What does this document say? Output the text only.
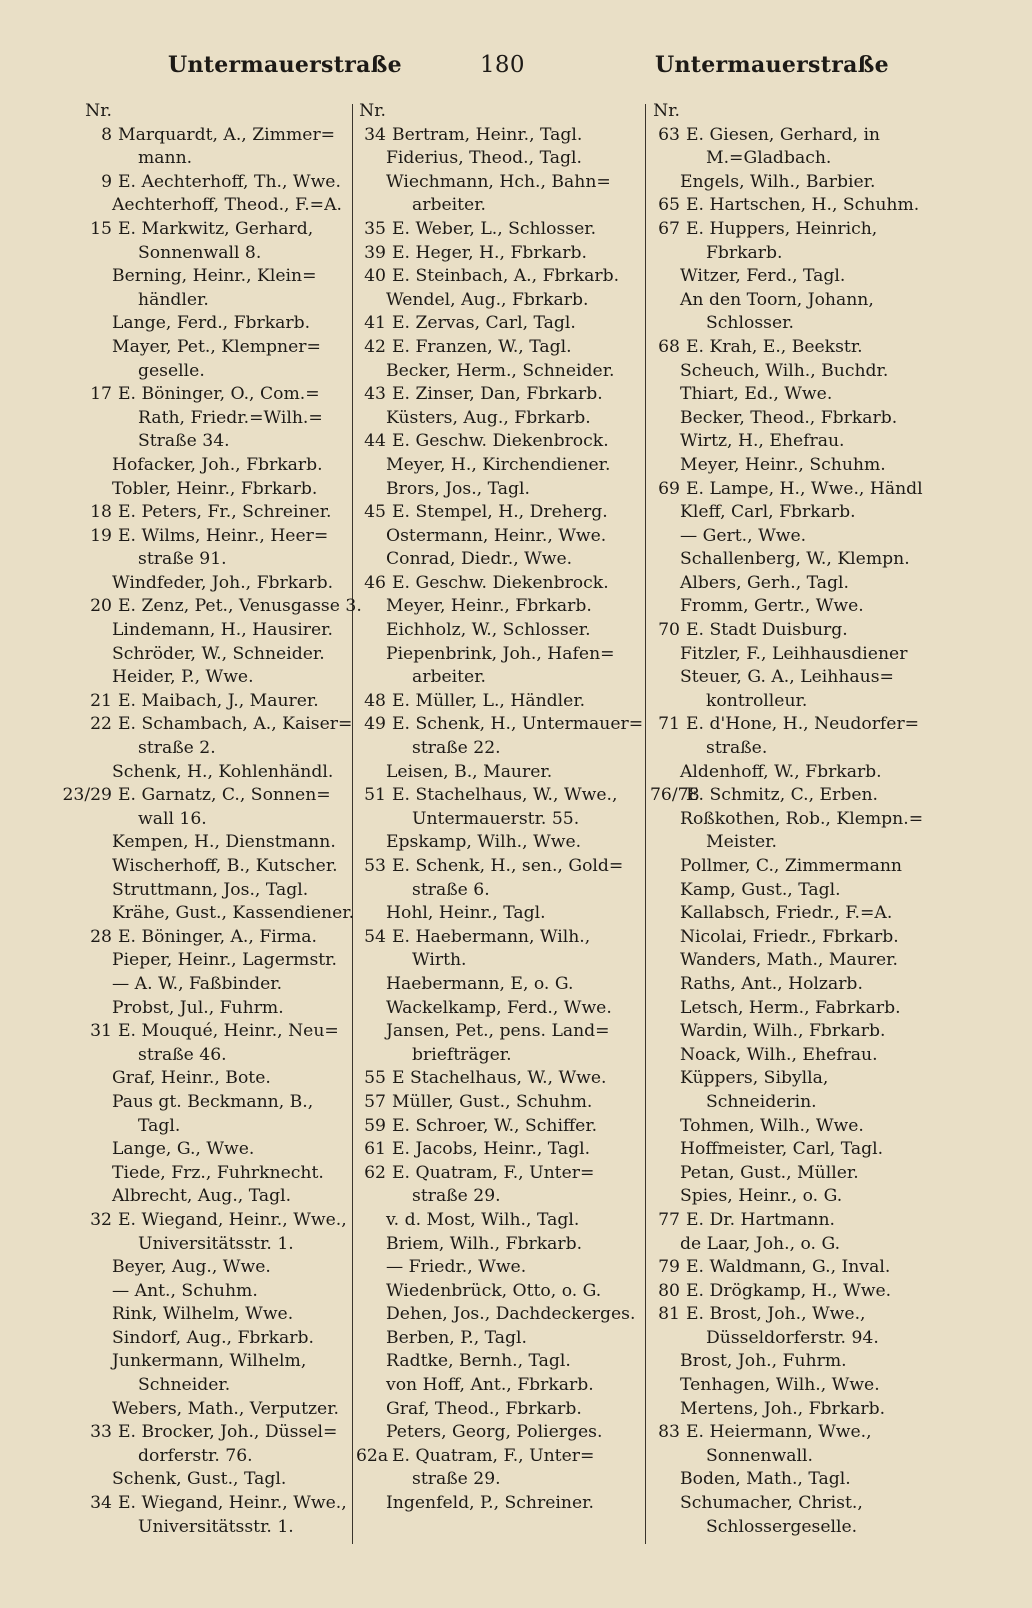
Untermauerstraße	180	Untermauerstraße
Nr.
8 Marquardt, A., Zimmer=
mann.
9 E. Aechterhoff, Th., Wwe.
Aechterhoff, Theod., F.=A.
15 E. Markwitz, Gerhard,
Sonnenwall 8.
Berning, Heinr., Klein=
händler.
Lange, Ferd., Fbrkarb.
Mayer, Pet., Klempner=
geselle.
17 E. Böninger, O., Com.=
Rath, Friedr.=Wilh.=
Straße 34.
Hofacker, Joh., Fbrkarb.
Tobler, Heinr., Fbrkarb.
18 E. Peters, Fr., Schreiner.
19 E. Wilms, Heinr., Heer=
straße 91.
Windfeder, Joh., Fbrkarb.
20 E. Zenz, Pet., Venusgasse 3.
Lindemann, H., Hausirer.
Schröder, W., Schneider.
Heider, P., Wwe.
21 E. Maibach, J., Maurer.
22 E. Schambach, A., Kaiser=
straße 2.
Schenk, H., Kohlenhändl.
23/29 E. Garnatz, C., Sonnen=
wall 16.
Kempen, H., Dienstmann.
Wischerhoff, B., Kutscher.
Struttmann, Jos., Tagl.
Krähe, Gust., Kassendiener.
28 E. Böninger, A., Firma.
Pieper, Heinr., Lagermstr.
— A. W., Faßbinder.
Probst, Jul., Fuhrm.
31 E. Mouqué, Heinr., Neu=
straße 46.
Graf, Heinr., Bote.
Paus gt. Beckmann, B.,
Tagl.
Lange, G., Wwe.
Tiede, Frz., Fuhrknecht.
Albrecht, Aug., Tagl.
32 E. Wiegand, Heinr., Wwe.,
Universitätsstr. 1.
Beyer, Aug., Wwe.
— Ant., Schuhm.
Rink, Wilhelm, Wwe.
Sindorf, Aug., Fbrkarb.
Junkermann, Wilhelm,
Schneider.
Webers, Math., Verputzer.
33 E. Brocker, Joh., Düssel=
dorferstr. 76.
Schenk, Gust., Tagl.
34 E. Wiegand, Heinr., Wwe.,
Universitätsstr. 1.
Nr.
34 Bertram, Heinr., Tagl.
Fiderius, Theod., Tagl.
Wiechmann, Hch., Bahn=
arbeiter.
35 E. Weber, L., Schlosser.
39 E. Heger, H., Fbrkarb.
40 E. Steinbach, A., Fbrkarb.
Wendel, Aug., Fbrkarb.
41 E. Zervas, Carl, Tagl.
42 E. Franzen, W., Tagl.
Becker, Herm., Schneider.
43 E. Zinser, Dan, Fbrkarb.
Küsters, Aug., Fbrkarb.
44 E. Geschw. Diekenbrock.
Meyer, H., Kirchendiener.
Brors, Jos., Tagl.
45 E. Stempel, H., Dreherg.
Ostermann, Heinr., Wwe.
Conrad, Diedr., Wwe.
46 E. Geschw. Diekenbrock.
Meyer, Heinr., Fbrkarb.
Eichholz, W., Schlosser.
Piepenbrink, Joh., Hafen=
arbeiter.
48 E. Müller, L., Händler.
49 E. Schenk, H., Untermauer=
straße 22.
Leisen, B., Maurer.
51 E. Stachelhaus, W., Wwe.,
Untermauerstr. 55.
Epskamp, Wilh., Wwe.
53 E. Schenk, H., sen., Gold=
straße 6.
Hohl, Heinr., Tagl.
54 E. Haebermann, Wilh.,
Wirth.
Haebermann, E, o. G.
Wackelkamp, Ferd., Wwe.
Jansen, Pet., pens. Land=
briefträger.
55 E Stachelhaus, W., Wwe.
57 Müller, Gust., Schuhm.
59 E. Schroer, W., Schiffer.
61 E. Jacobs, Heinr., Tagl.
62 E. Quatram, F., Unter=
straße 29.
v. d. Most, Wilh., Tagl.
Briem, Wilh., Fbrkarb.
— Friedr., Wwe.
Wiedenbrück, Otto, o. G.
Dehen, Jos., Dachdeckerges.
Berben, P., Tagl.
Radtke, Bernh., Tagl.
von Hoff, Ant., Fbrkarb.
Graf, Theod., Fbrkarb.
Peters, Georg, Polierges.
62a E. Quatram, F., Unter=
straße 29.
Ingenfeld, P., Schreiner.
Nr.
63 E. Giesen, Gerhard, in
M.=Gladbach.
Engels, Wilh., Barbier.
65 E. Hartschen, H., Schuhm.
67 E. Huppers, Heinrich,
Fbrkarb.
Witzer, Ferd., Tagl.
An den Toorn, Johann,
Schlosser.
68 E. Krah, E., Beekstr.
Scheuch, Wilh., Buchdr.
Thiart, Ed., Wwe.
Becker, Theod., Fbrkarb.
Wirtz, H., Ehefrau.
Meyer, Heinr., Schuhm.
69 E. Lampe, H., Wwe., Händl
Kleff, Carl, Fbrkarb.
— Gert., Wwe.
Schallenberg, W., Klempn.
Albers, Gerh., Tagl.
Fromm, Gertr., Wwe.
70 E. Stadt Duisburg.
Fitzler, F., Leihhausdiener
Steuer, G. A., Leihhaus=
kontrolleur.
71 E. d'Hone, H., Neudorfer=
straße.
Aldenhoff, W., Fbrkarb.
76/78
E. Schmitz, C., Erben.
Roßkothen, Rob., Klempn.=
Meister.
Pollmer, C., Zimmermann
Kamp, Gust., Tagl.
Kallabsch, Friedr., F.=A.
Nicolai, Friedr., Fbrkarb.
Wanders, Math., Maurer.
Raths, Ant., Holzarb.
Letsch, Herm., Fabrkarb.
Wardin, Wilh., Fbrkarb.
Noack, Wilh., Ehefrau.
Küppers, Sibylla,
Schneiderin.
Tohmen, Wilh., Wwe.
Hoffmeister, Carl, Tagl.
Petan, Gust., Müller.
Spies, Heinr., o. G.
77 E. Dr. Hartmann.
de Laar, Joh., o. G.
79 E. Waldmann, G., Inval.
80 E. Drögkamp, H., Wwe.
81 E. Brost, Joh., Wwe.,
Düsseldorferstr. 94.
Brost, Joh., Fuhrm.
Tenhagen, Wilh., Wwe.
Mertens, Joh., Fbrkarb.
83 E. Heiermann, Wwe.,
Sonnenwall.
Boden, Math., Tagl.
Schumacher, Christ.,
Schlossergeselle.
